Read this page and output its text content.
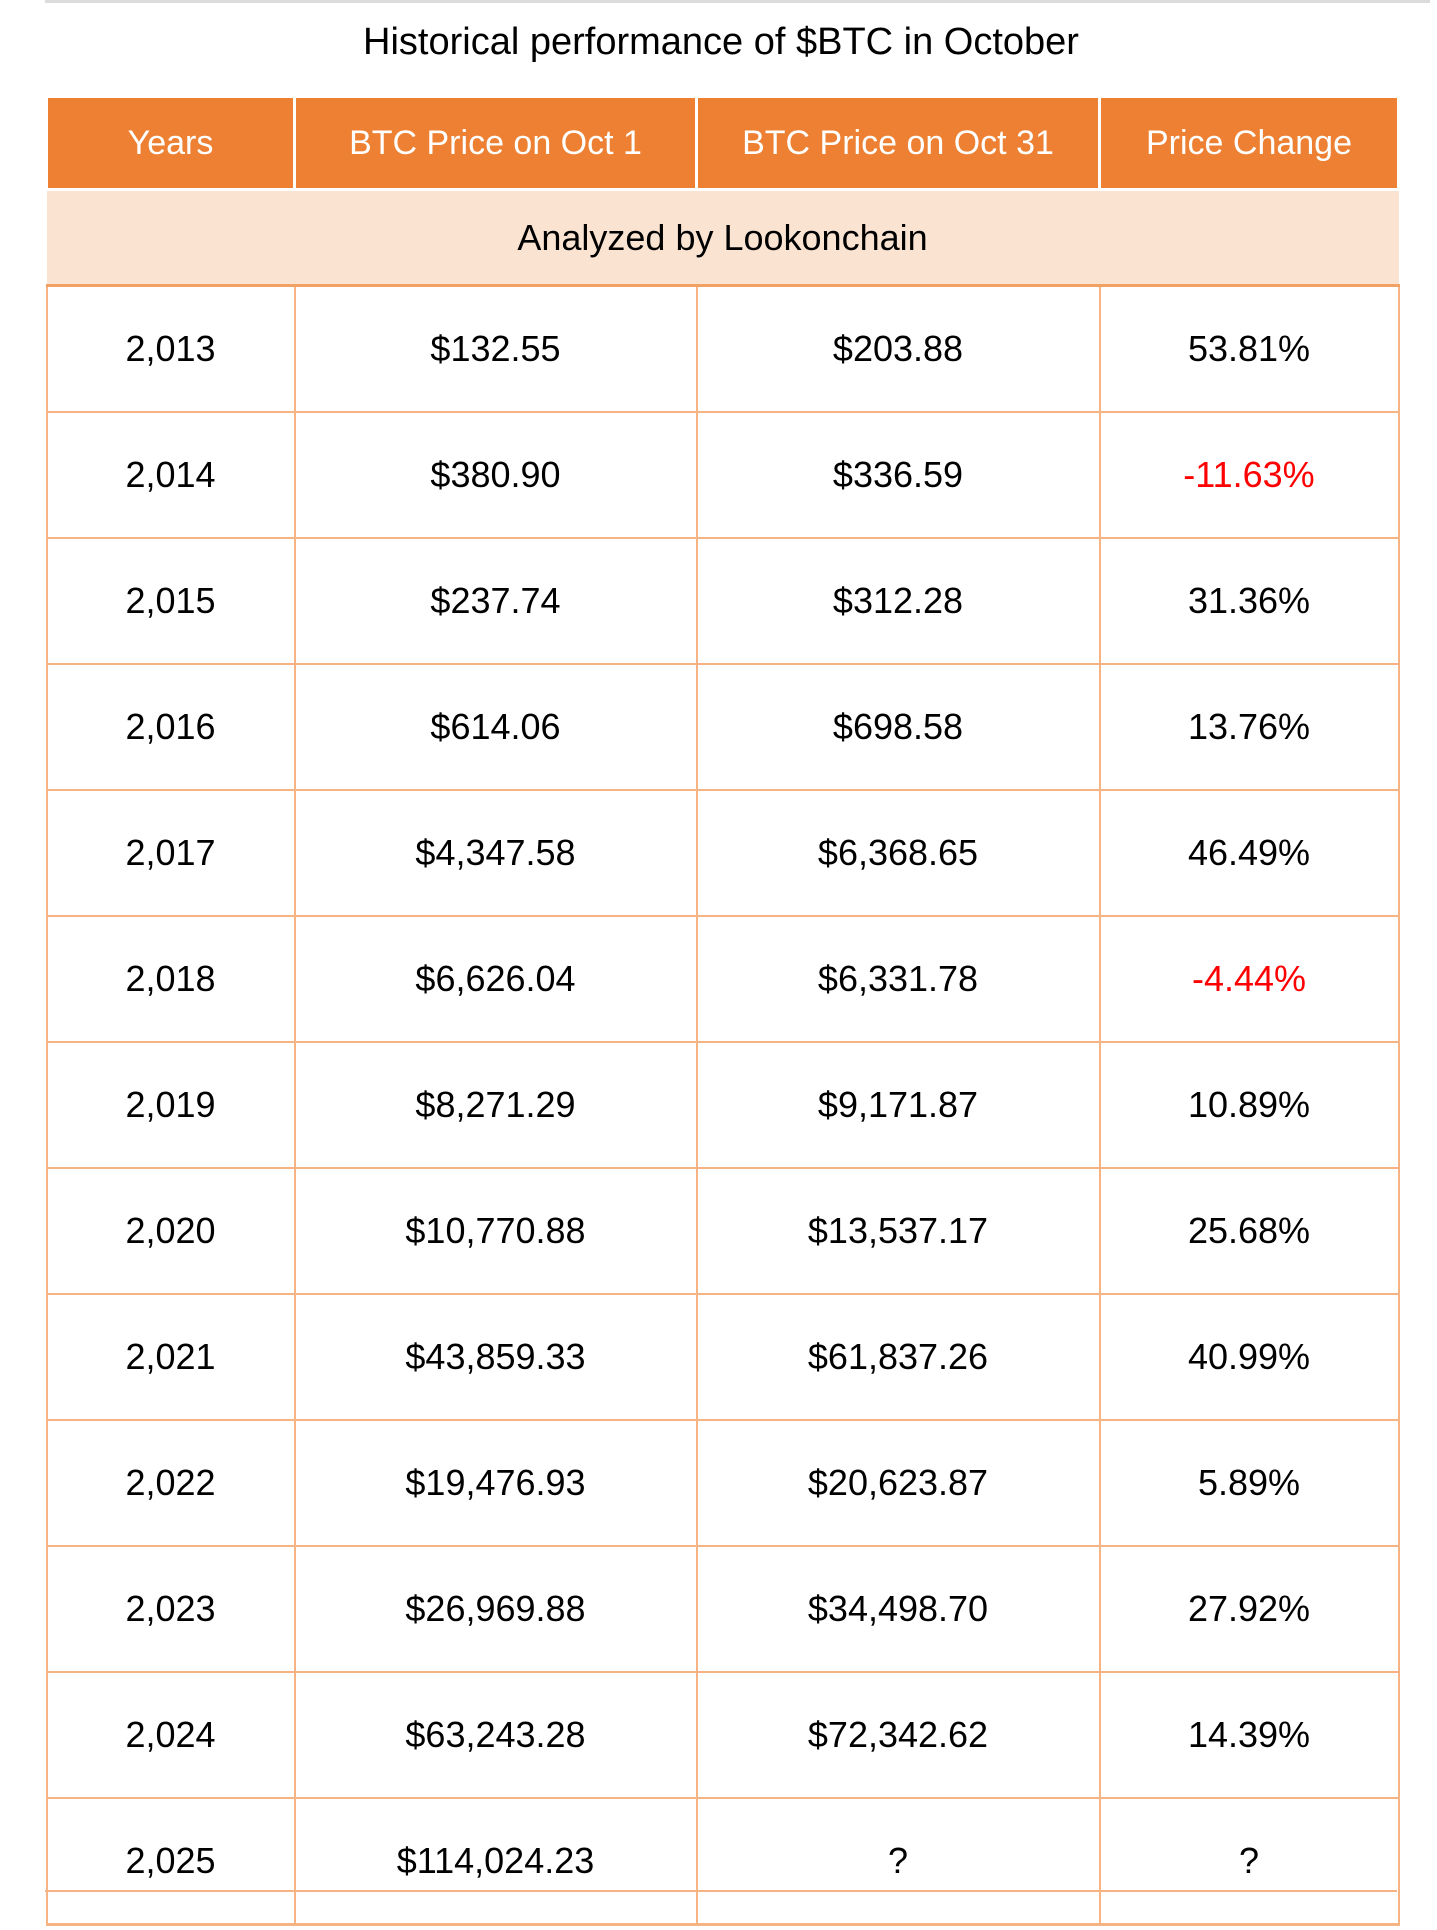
Historical performance of $BTC in October
Years	BTC Price on Oct 1	BTC Price on Oct 31	Price Change
Analyzed by Lookonchain			
2,013	$132.55	$203.88	53.81%
2,014	$380.90	$336.59	-11.63%
2,015	$237.74	$312.28	31.36%
2,016	$614.06	$698.58	13.76%
2,017	$4,347.58	$6,368.65	46.49%
2,018	$6,626.04	$6,331.78	-4.44%
2,019	$8,271.29	$9,171.87	10.89%
2,020	$10,770.88	$13,537.17	25.68%
2,021	$43,859.33	$61,837.26	40.99%
2,022	$19,476.93	$20,623.87	5.89%
2,023	$26,969.88	$34,498.70	27.92%
2,024	$63,243.28	$72,342.62	14.39%
2,025	$114,024.23	?	?
